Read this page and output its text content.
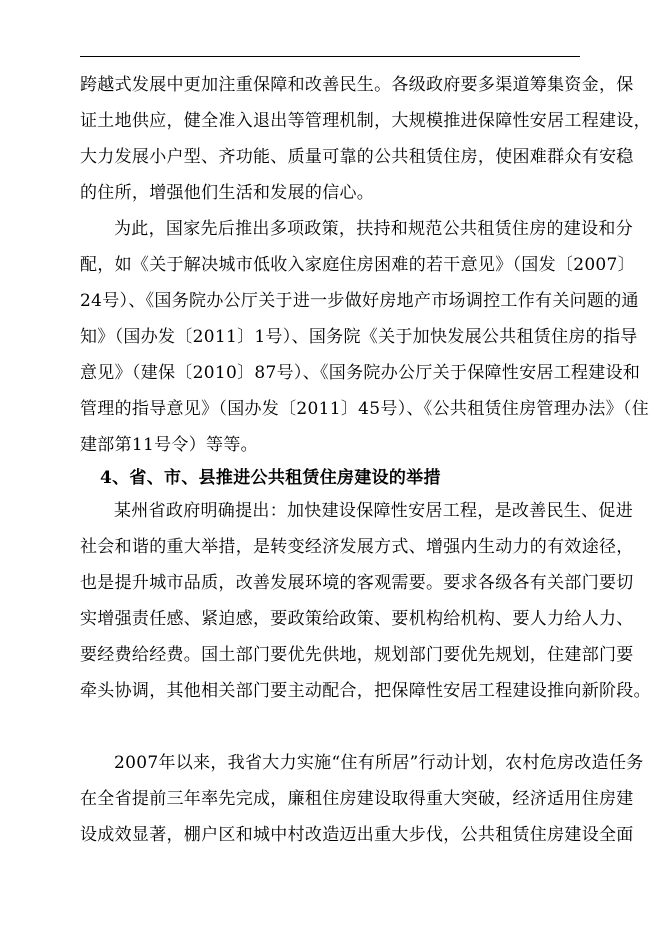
跨越式发展中更加注重保障和改善民生。各级政府要多渠道筹集资金，保
证土地供应，健全准入退出等管理机制，大规模推进保障性安居工程建设，
大力发展小户型、齐功能、质量可靠的公共租赁住房，使困难群众有安稳
的住所，增强他们生活和发展的信心。
为此，国家先后推出多项政策，扶持和规范公共租赁住房的建设和分
配，如《关于解决城市低收入家庭住房困难的若干意见》（国发〔2007〕
24号）、《国务院办公厅关于进一步做好房地产市场调控工作有关问题的通
知》（国办发〔2011〕1号）、国务院《关于加快发展公共租赁住房的指导
意见》（建保〔2010〕87号）、《国务院办公厅关于保障性安居工程建设和
管理的指导意见》（国办发〔2011〕45号）、《公共租赁住房管理办法》（住
建部第11号令）等等。
4、省、市、县推进公共租赁住房建设的举措
某州省政府明确提出：加快建设保障性安居工程，是改善民生、促进
社会和谐的重大举措，是转变经济发展方式、增强内生动力的有效途径，
也是提升城市品质，改善发展环境的客观需要。要求各级各有关部门要切
实增强责任感、紧迫感，要政策给政策、要机构给机构、要人力给人力、
要经费给经费。国土部门要优先供地，规划部门要优先规划，住建部门要
牵头协调，其他相关部门要主动配合，把保障性安居工程建设推向新阶段。
2007年以来，我省大力实施“住有所居”行动计划，农村危房改造任务
在全省提前三年率先完成，廉租住房建设取得重大突破，经济适用住房建
设成效显著，棚户区和城中村改造迈出重大步伐，公共租赁住房建设全面
